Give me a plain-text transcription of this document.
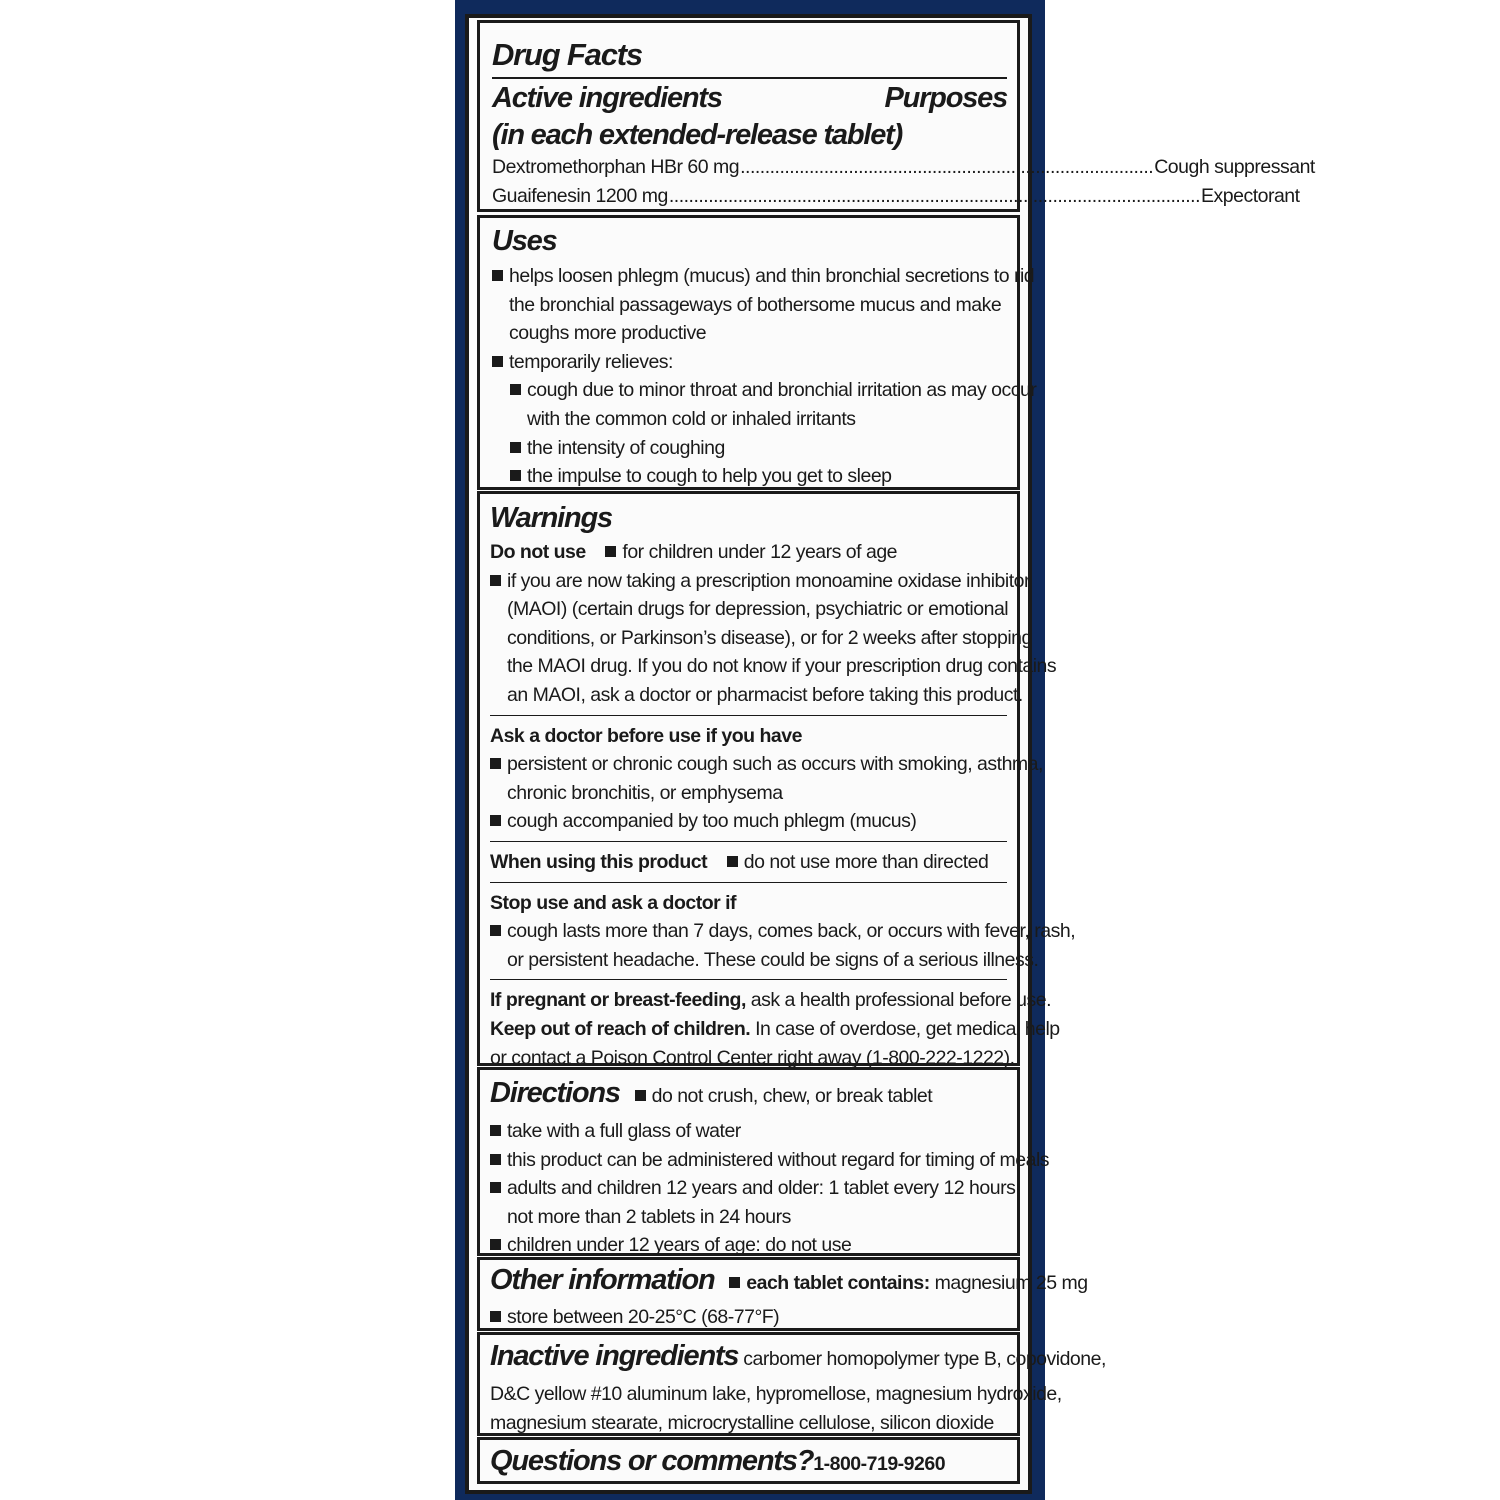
Drug Facts
Active ingredients	Purposes
(in each extended-release tablet)
Dextromethorphan HBr 60 mg .................................................................................... Cough suppressant
Guaifenesin 1200 mg ............................................................................................................ Expectorant
Uses
helps loosen phlegm (mucus) and thin bronchial secretions to rid
the bronchial passageways of bothersome mucus and make
coughs more productive
temporarily relieves:
cough due to minor throat and bronchial irritation as may occur
with the common cold or inhaled irritants
the intensity of coughing
the impulse to cough to help you get to sleep
Warnings
Do not use for children under 12 years of age
if you are now taking a prescription monoamine oxidase inhibitor
(MAOI) (certain drugs for depression, psychiatric or emotional
conditions, or Parkinson’s disease), or for 2 weeks after stopping
the MAOI drug. If you do not know if your prescription drug contains
an MAOI, ask a doctor or pharmacist before taking this product.
Ask a doctor before use if you have
persistent or chronic cough such as occurs with smoking, asthma,
chronic bronchitis, or emphysema
cough accompanied by too much phlegm (mucus)
When using this product do not use more than directed
Stop use and ask a doctor if
cough lasts more than 7 days, comes back, or occurs with fever, rash,
or persistent headache. These could be signs of a serious illness.
If pregnant or breast-feeding, ask a health professional before use.
Keep out of reach of children. In case of overdose, get medical help
or contact a Poison Control Center right away (1-800-222-1222).
Directions do not crush, chew, or break tablet
take with a full glass of water
this product can be administered without regard for timing of meals
adults and children 12 years and older: 1 tablet every 12 hours;
not more than 2 tablets in 24 hours
children under 12 years of age: do not use
Other information each tablet contains: magnesium 25 mg
store between 20-25°C (68-77°F)
Inactive ingredients carbomer homopolymer type B, copovidone,
D&C yellow #10 aluminum lake, hypromellose, magnesium hydroxide,
magnesium stearate, microcrystalline cellulose, silicon dioxide
Questions or comments?1-800-719-9260
